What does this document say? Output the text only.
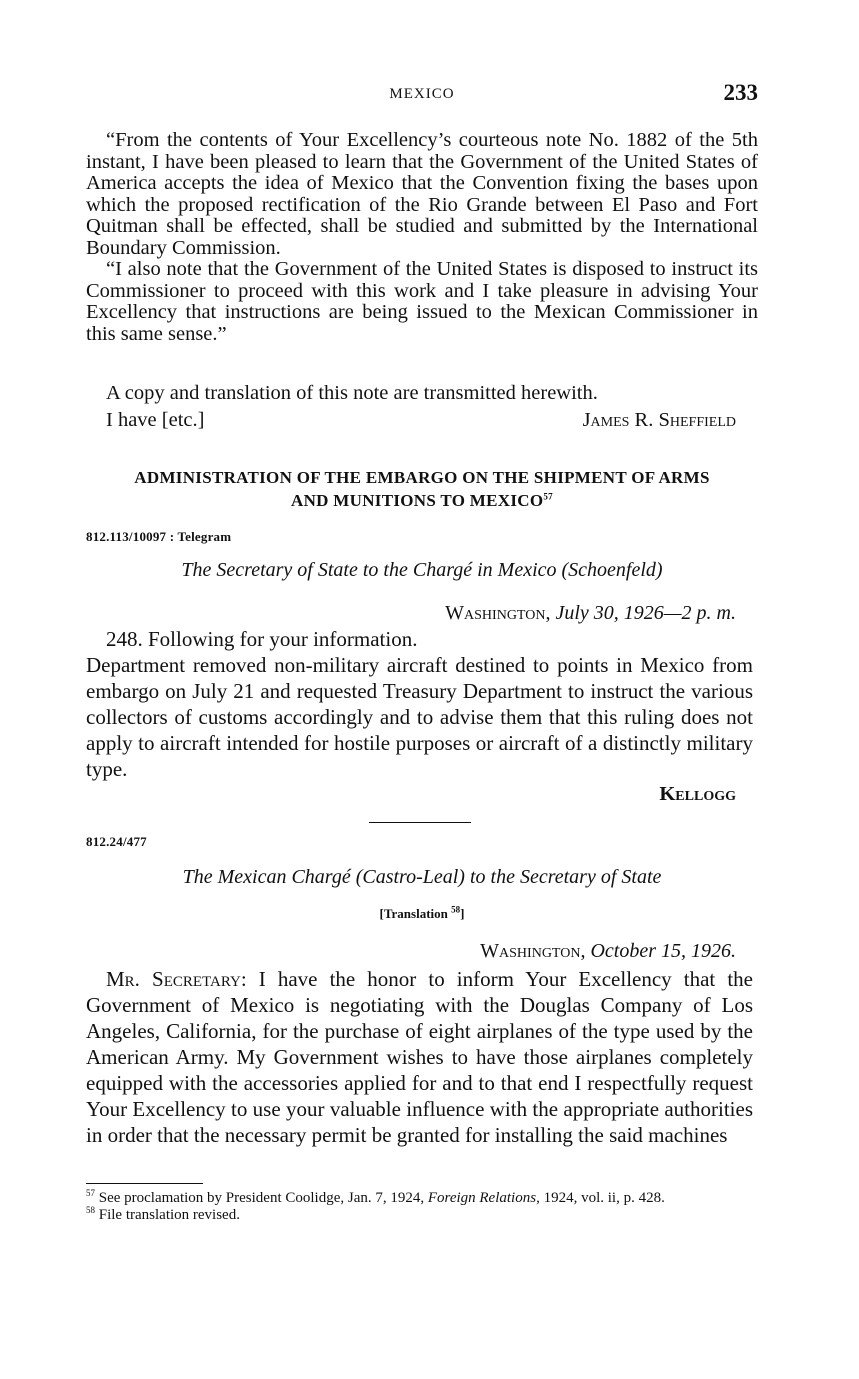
MEXICO	233

“From the contents of Your Excellency’s courteous note No. 1882 of the 5th instant, I have been pleased to learn that the Government of the United States of America accepts the idea of Mexico that the Convention fixing the bases upon which the proposed rectification of the Rio Grande between El Paso and Fort Quitman shall be effected, shall be studied and submitted by the International Boundary Commission.

“I also note that the Government of the United States is disposed to instruct its Commissioner to proceed with this work and I take pleasure in advising Your Excellency that instructions are being issued to the Mexican Commissioner in this same sense.”

A copy and translation of this note are transmitted herewith.
I have [etc.]	James R. Sheffield
ADMINISTRATION OF THE EMBARGO ON THE SHIPMENT OF ARMS
AND MUNITIONS TO MEXICO$^{57}$
812.113/10097 : Telegram
The Secretary of State to the Chargé in Mexico (Schoenfeld)
Washington, July 30, 1926—2 p. m.

248. Following for your information.

Department removed non-military aircraft destined to points in Mexico from embargo on July 21 and requested Treasury Department to instruct the various collectors of customs accordingly and to advise them that this ruling does not apply to aircraft intended for hostile purposes or aircraft of a distinctly military type.

Kellogg
812.24/477
The Mexican Chargé (Castro-Leal) to the Secretary of State
[Translation $^{58}$]
Washington, October 15, 1926.

Mr. Secretary: I have the honor to inform Your Excellency that the Government of Mexico is negotiating with the Douglas Company of Los Angeles, California, for the purchase of eight airplanes of the type used by the American Army. My Government wishes to have those airplanes completely equipped with the accessories applied for and to that end I respectfully request Your Excellency to use your valuable influence with the appropriate authorities in order that the necessary permit be granted for installing the said machines

$^{57}$ See proclamation by President Coolidge, Jan. 7, 1924, Foreign Relations, 1924, vol. ii, p. 428.

$^{58}$ File translation revised.
